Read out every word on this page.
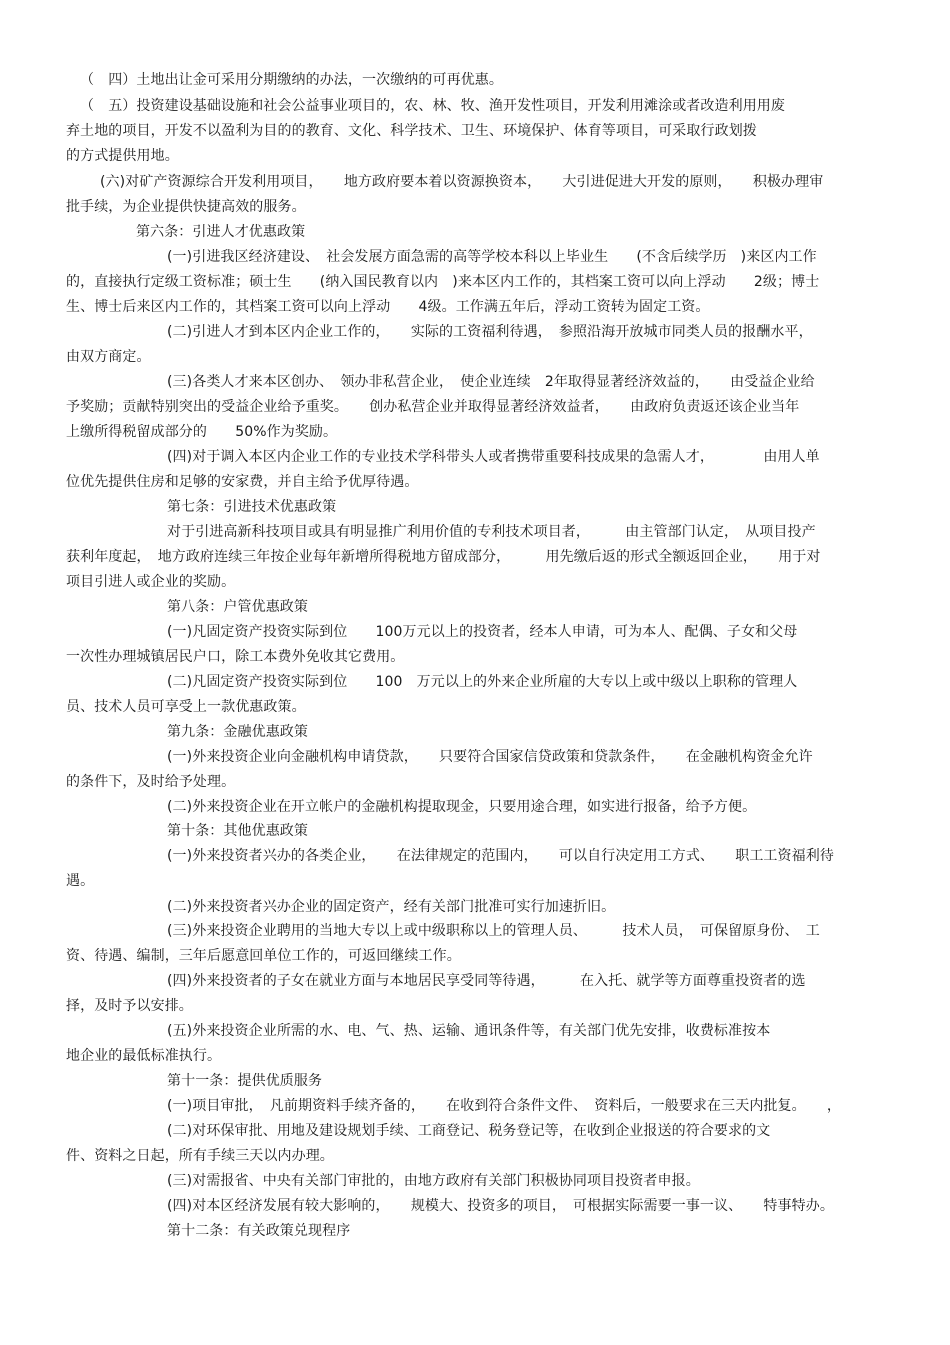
（　四）土地出让金可采用分期缴纳的办法，一次缴纳的可再优惠。
（　五）投资建设基础设施和社会公益事业项目的，农、林、牧、渔开发性项目，开发利用滩涂或者改造利用用废
弃土地的项目，开发不以盈利为目的的教育、文化、科学技术、卫生、环境保护、体育等项目，可采取行政划拨
的方式提供用地。
(六)对矿产资源综合开发利用项目，　　地方政府要本着以资源换资本，　　大引进促进大开发的原则，　　积极办理审
批手续，为企业提供快捷高效的服务。
第六条：引进人才优惠政策
(一)引进我区经济建设、　社会发展方面急需的高等学校本科以上毕业生　　(不含后续学历　)来区内工作
的，直接执行定级工资标准；硕士生　　(纳入国民教育以内　)来本区内工作的，其档案工资可以向上浮动　　2级；博士
生、博士后来区内工作的，其档案工资可以向上浮动　　4级。工作满五年后，浮动工资转为固定工资。
(二)引进人才到本区内企业工作的，　　实际的工资福利待遇，　参照沿海开放城市同类人员的报酬水平，
由双方商定。
(三)各类人才来本区创办、　领办非私营企业，　使企业连续　2年取得显著经济效益的，　　由受益企业给
予奖励；贡献特别突出的受益企业给予重奖。　　创办私营企业并取得显著经济效益者，　　由政府负责返还该企业当年
上缴所得税留成部分的　　50%作为奖励。
(四)对于调入本区内企业工作的专业技术学科带头人或者携带重要科技成果的急需人才，　　　　由用人单
位优先提供住房和足够的安家费，并自主给予优厚待遇。
第七条：引进技术优惠政策
对于引进高新科技项目或具有明显推广利用价值的专利技术项目者，　　　由主管部门认定，　从项目投产
获利年度起，　地方政府连续三年按企业每年新增所得税地方留成部分，　　　用先缴后返的形式全额返回企业，　　用于对
项目引进人或企业的奖励。
第八条：户管优惠政策
(一)凡固定资产投资实际到位　　100万元以上的投资者，经本人申请，可为本人、配偶、子女和父母
一次性办理城镇居民户口，除工本费外免收其它费用。
(二)凡固定资产投资实际到位　　100　万元以上的外来企业所雇的大专以上或中级以上职称的管理人
员、技术人员可享受上一款优惠政策。
第九条：金融优惠政策
(一)外来投资企业向金融机构申请贷款，　　只要符合国家信贷政策和贷款条件，　　在金融机构资金允许
的条件下，及时给予处理。
(二)外来投资企业在开立帐户的金融机构提取现金，只要用途合理，如实进行报备，给予方便。
第十条：其他优惠政策
(一)外来投资者兴办的各类企业，　　在法律规定的范围内，　　可以自行决定用工方式、　　职工工资福利待
遇。
(二)外来投资者兴办企业的固定资产，经有关部门批准可实行加速折旧。
(三)外来投资企业聘用的当地大专以上或中级职称以上的管理人员、　　　技术人员，　可保留原身份、　工
资、待遇、编制，三年后愿意回单位工作的，可返回继续工作。
(四)外来投资者的子女在就业方面与本地居民享受同等待遇，　　　在入托、就学等方面尊重投资者的选
择，及时予以安排。
(五)外来投资企业所需的水、电、气、热、运输、通讯条件等，有关部门优先安排，收费标准按本
地企业的最低标准执行。
第十一条：提供优质服务
(一)项目审批，　凡前期资料手续齐备的，　　在收到符合条件文件、　资料后，一般要求在三天内批复。　　，
(二)对环保审批、用地及建设规划手续、工商登记、税务登记等，在收到企业报送的符合要求的文
件、资料之日起，所有手续三天以内办理。
(三)对需报省、中央有关部门审批的，由地方政府有关部门积极协同项目投资者申报。
(四)对本区经济发展有较大影响的，　　规模大、投资多的项目，　可根据实际需要一事一议、　　特事特办。
第十二条：有关政策兑现程序
